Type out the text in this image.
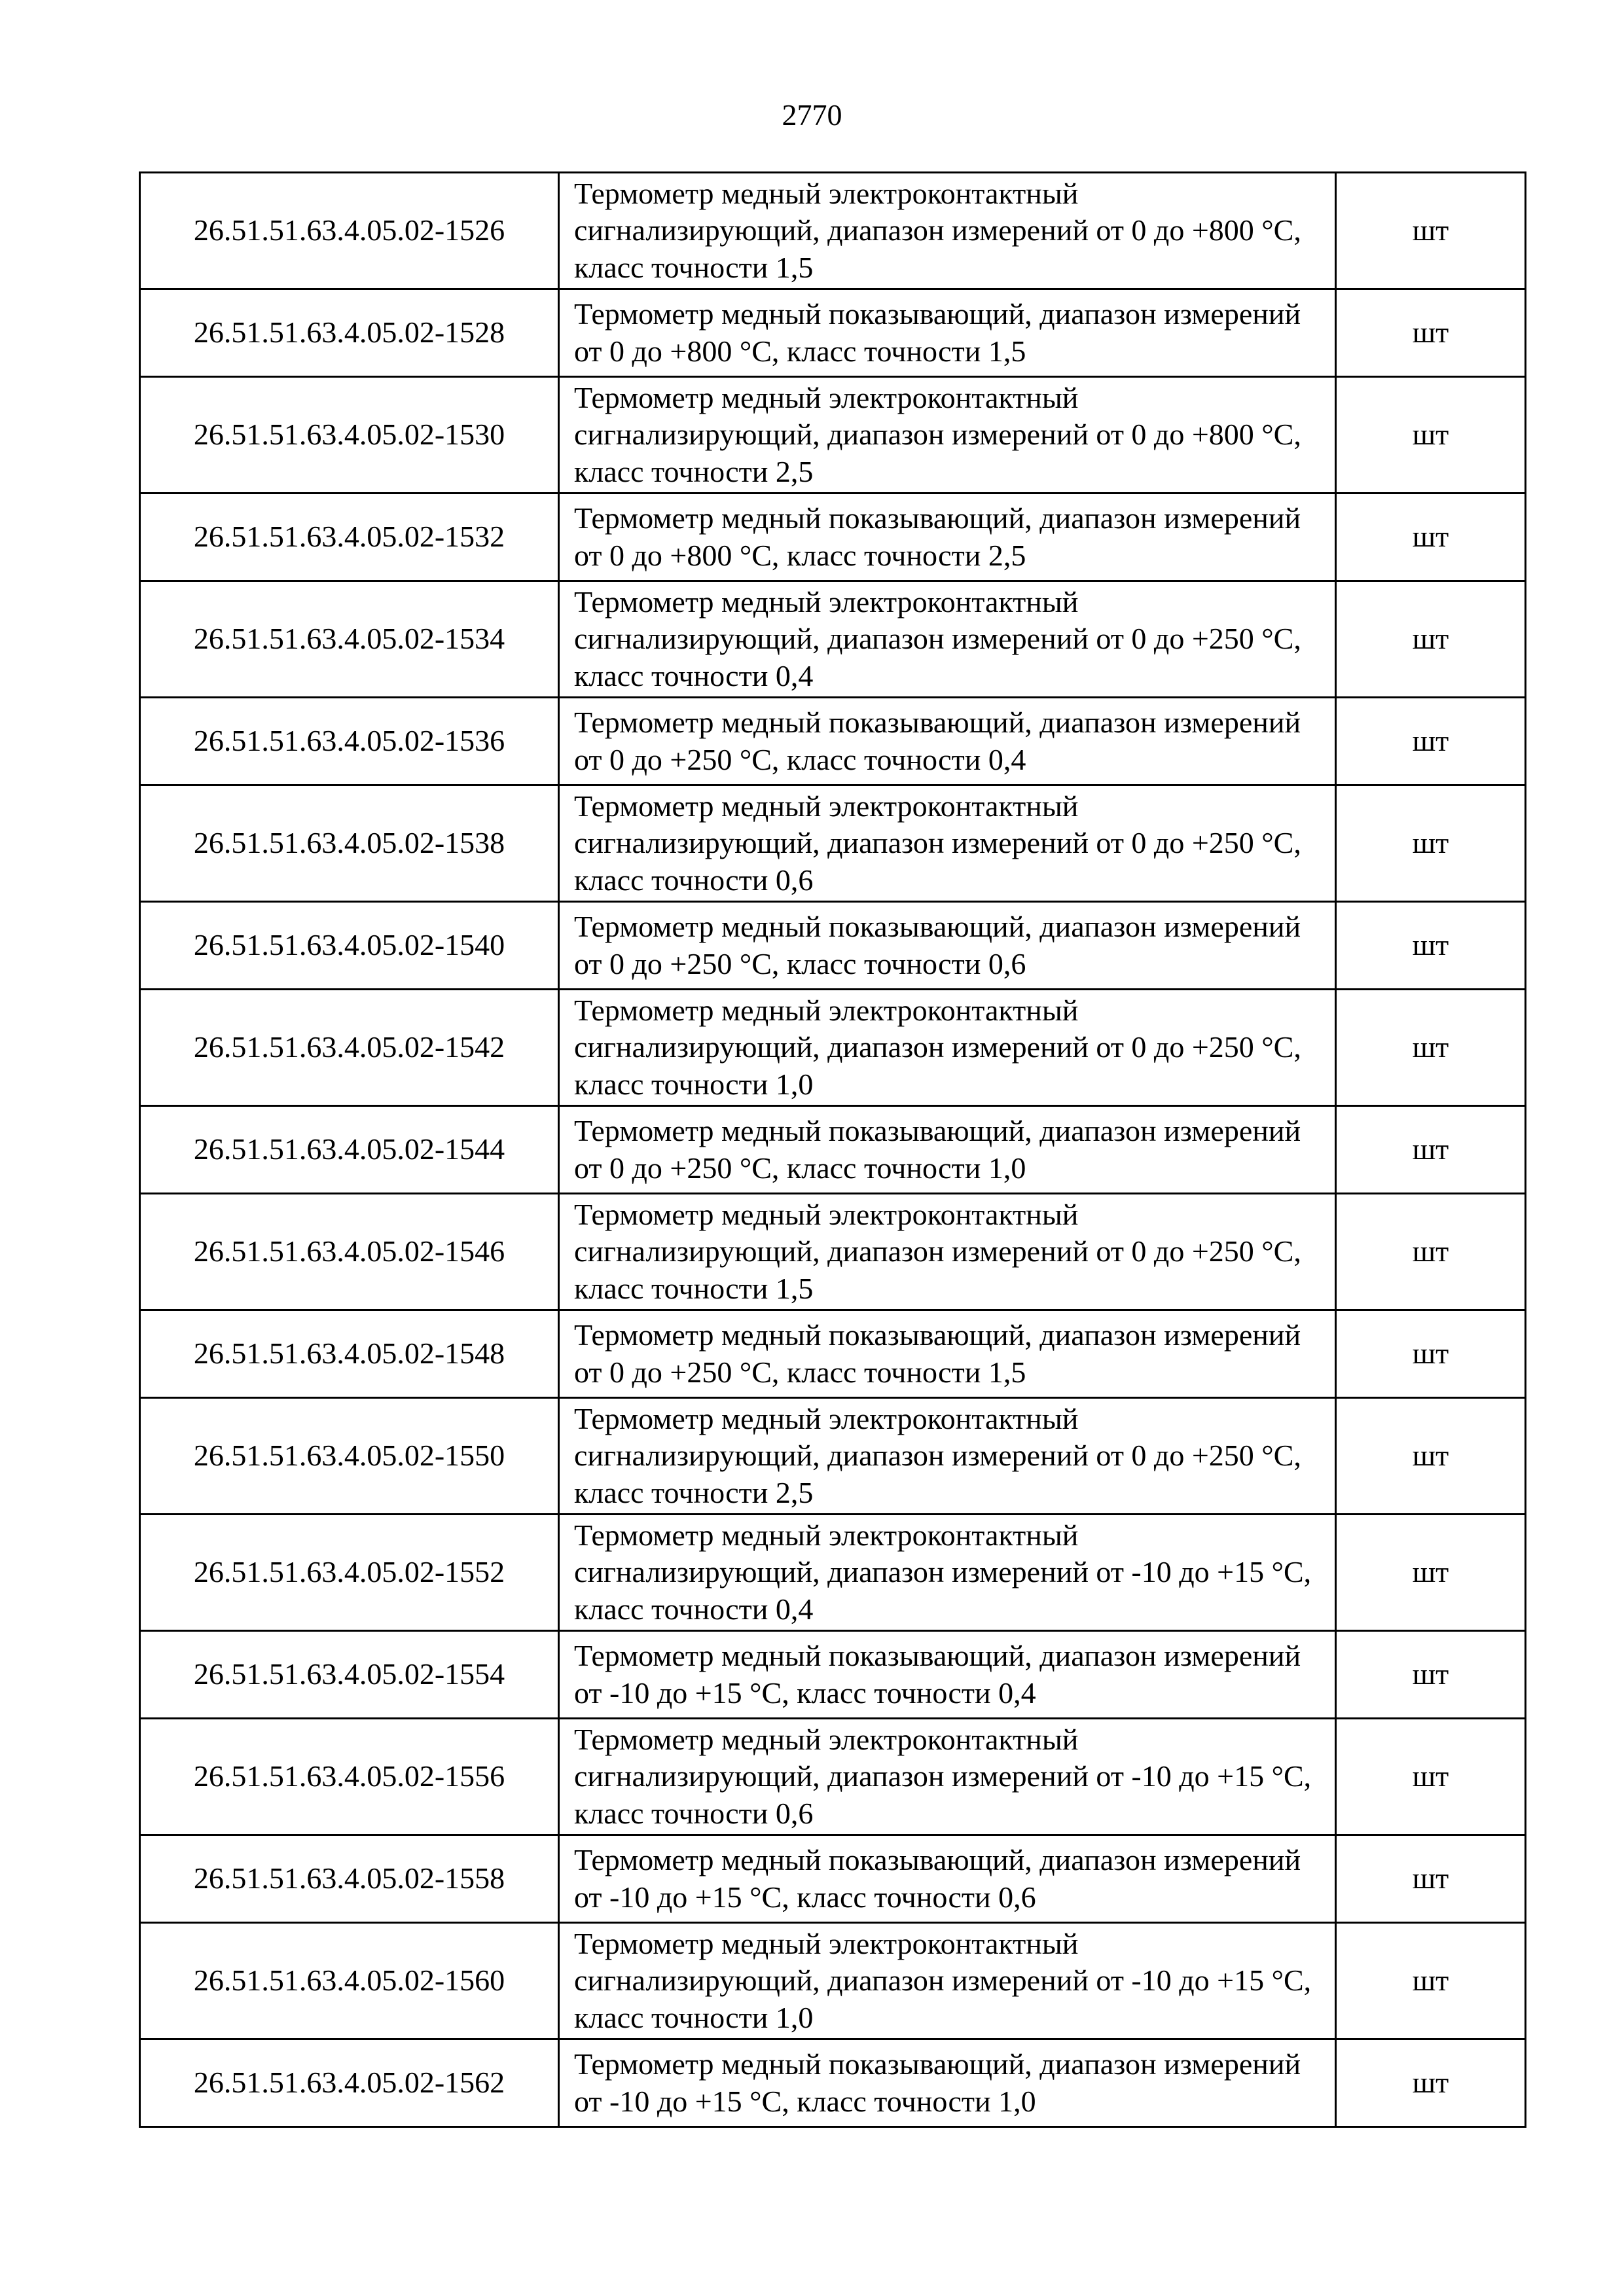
2770
26.51.51.63.4.05.02-1526	Термометр медный электроконтактный сигнализирующий, диапазон измерений от 0 до +800 °С, класс точности 1,5	шт
26.51.51.63.4.05.02-1528	Термометр медный показывающий, диапазон измерений от 0 до +800 °С, класс точности 1,5	шт
26.51.51.63.4.05.02-1530	Термометр медный электроконтактный сигнализирующий, диапазон измерений от 0 до +800 °С, класс точности 2,5	шт
26.51.51.63.4.05.02-1532	Термометр медный показывающий, диапазон измерений от 0 до +800 °С, класс точности 2,5	шт
26.51.51.63.4.05.02-1534	Термометр медный электроконтактный сигнализирующий, диапазон измерений от 0 до +250 °С, класс точности 0,4	шт
26.51.51.63.4.05.02-1536	Термометр медный показывающий, диапазон измерений от 0 до +250 °С, класс точности 0,4	шт
26.51.51.63.4.05.02-1538	Термометр медный электроконтактный сигнализирующий, диапазон измерений от 0 до +250 °С, класс точности 0,6	шт
26.51.51.63.4.05.02-1540	Термометр медный показывающий, диапазон измерений от 0 до +250 °С, класс точности 0,6	шт
26.51.51.63.4.05.02-1542	Термометр медный электроконтактный сигнализирующий, диапазон измерений от 0 до +250 °С, класс точности 1,0	шт
26.51.51.63.4.05.02-1544	Термометр медный показывающий, диапазон измерений от 0 до +250 °С, класс точности 1,0	шт
26.51.51.63.4.05.02-1546	Термометр медный электроконтактный сигнализирующий, диапазон измерений от 0 до +250 °С, класс точности 1,5	шт
26.51.51.63.4.05.02-1548	Термометр медный показывающий, диапазон измерений от 0 до +250 °С, класс точности 1,5	шт
26.51.51.63.4.05.02-1550	Термометр медный электроконтактный сигнализирующий, диапазон измерений от 0 до +250 °С, класс точности 2,5	шт
26.51.51.63.4.05.02-1552	Термометр медный электроконтактный сигнализирующий, диапазон измерений от -10 до +15 °С, класс точности 0,4	шт
26.51.51.63.4.05.02-1554	Термометр медный показывающий, диапазон измерений от -10 до +15 °С, класс точности 0,4	шт
26.51.51.63.4.05.02-1556	Термометр медный электроконтактный сигнализирующий, диапазон измерений от -10 до +15 °С, класс точности 0,6	шт
26.51.51.63.4.05.02-1558	Термометр медный показывающий, диапазон измерений от -10 до +15 °С, класс точности 0,6	шт
26.51.51.63.4.05.02-1560	Термометр медный электроконтактный сигнализирующий, диапазон измерений от -10 до +15 °С, класс точности 1,0	шт
26.51.51.63.4.05.02-1562	Термометр медный показывающий, диапазон измерений от -10 до +15 °С, класс точности 1,0	шт
